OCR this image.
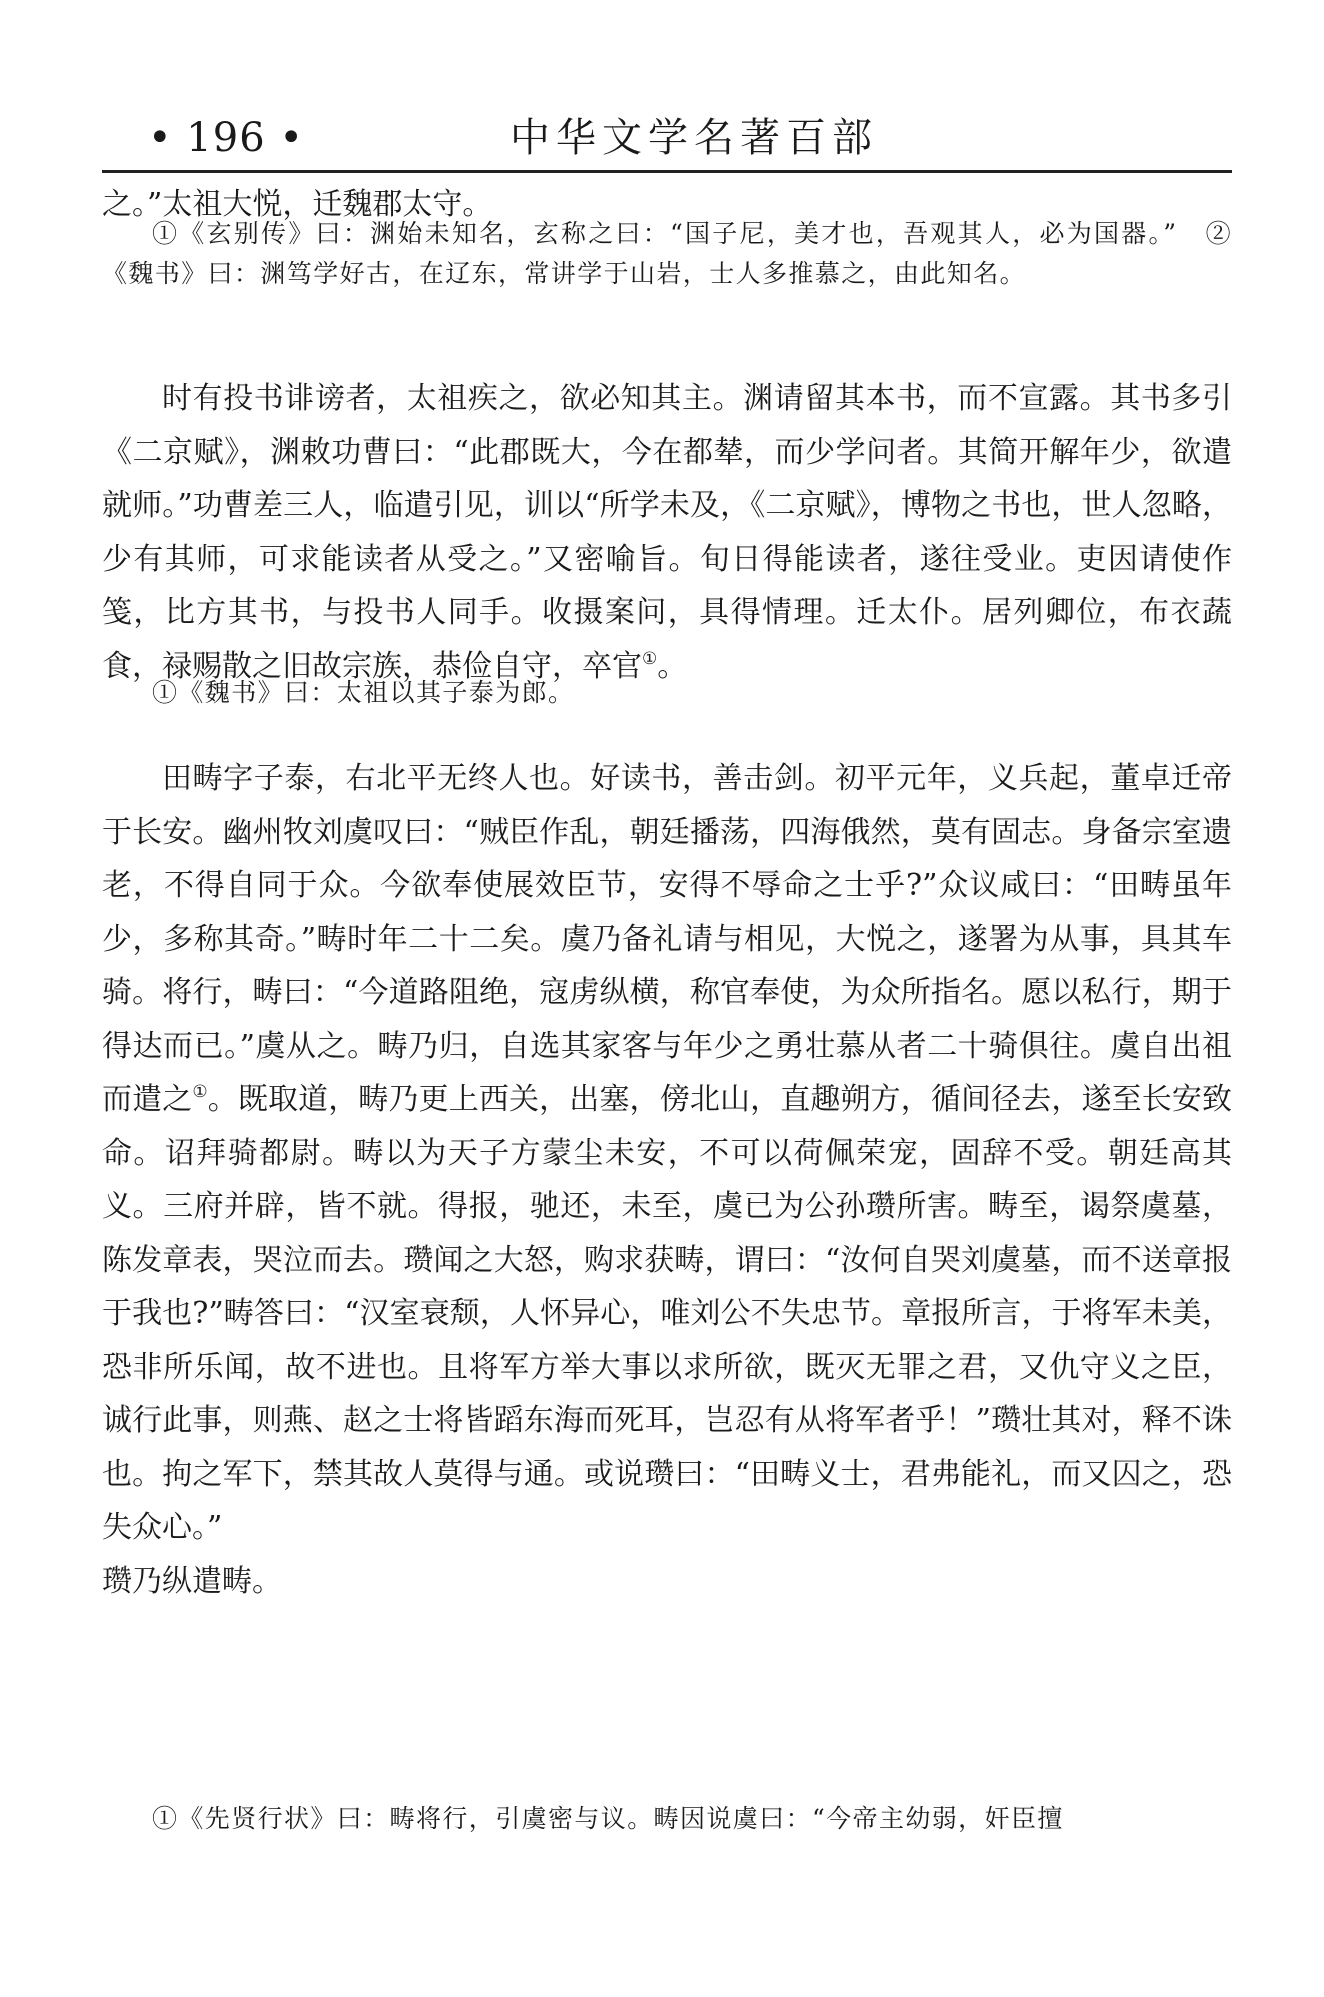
• 196 •	中华文学名著百部

之。”太祖大悦，迁魏郡太守。

①《玄别传》曰：渊始未知名，玄称之曰：“国子尼，美才也，吾观其人，必为国器。”　②《魏书》曰：渊笃学好古，在辽东，常讲学于山岩，士人多推慕之，由此知名。

时有投书诽谤者，太祖疾之，欲必知其主。渊请留其本书，而不宣露。其书多引《二京赋》，渊敕功曹曰：“此郡既大，今在都辇，而少学问者。其简开解年少，欲遣就师。”功曹差三人，临遣引见，训以“所学未及，《二京赋》，博物之书也，世人忽略，少有其师，可求能读者从受之。”又密喻旨。旬日得能读者，遂往受业。吏因请使作笺，比方其书，与投书人同手。收摄案问，具得情理。迁太仆。居列卿位，布衣蔬食，禄赐散之旧故宗族，恭俭自守，卒官①。

①《魏书》曰：太祖以其子泰为郎。

田畴字子泰，右北平无终人也。好读书，善击剑。初平元年，义兵起，董卓迁帝于长安。幽州牧刘虞叹曰：“贼臣作乱，朝廷播荡，四海俄然，莫有固志。身备宗室遗老，不得自同于众。今欲奉使展效臣节，安得不辱命之士乎?”众议咸曰：“田畴虽年少，多称其奇。”畴时年二十二矣。虞乃备礼请与相见，大悦之，遂署为从事，具其车骑。将行，畴曰：“今道路阻绝，寇虏纵横，称官奉使，为众所指名。愿以私行，期于得达而已。”虞从之。畴乃归，自选其家客与年少之勇壮慕从者二十骑俱往。虞自出祖而遣之①。既取道，畴乃更上西关，出塞，傍北山，直趣朔方，循间径去，遂至长安致命。诏拜骑都尉。畴以为天子方蒙尘未安，不可以荷佩荣宠，固辞不受。朝廷高其义。三府并辟，皆不就。得报，驰还，未至，虞已为公孙瓒所害。畴至，谒祭虞墓，陈发章表，哭泣而去。瓒闻之大怒，购求获畴，谓曰：“汝何自哭刘虞墓，而不送章报于我也?”畴答曰：“汉室衰颓，人怀异心，唯刘公不失忠节。章报所言，于将军未美，恐非所乐闻，故不进也。且将军方举大事以求所欲，既灭无罪之君，又仇守义之臣，诚行此事，则燕、赵之士将皆蹈东海而死耳，岂忍有从将军者乎！”瓒壮其对，释不诛也。拘之军下，禁其故人莫得与通。或说瓒曰：“田畴义士，君弗能礼，而又囚之，恐失众心。”

瓒乃纵遣畴。

①《先贤行状》曰：畴将行，引虞密与议。畴因说虞曰：“今帝主幼弱，奸臣擅
